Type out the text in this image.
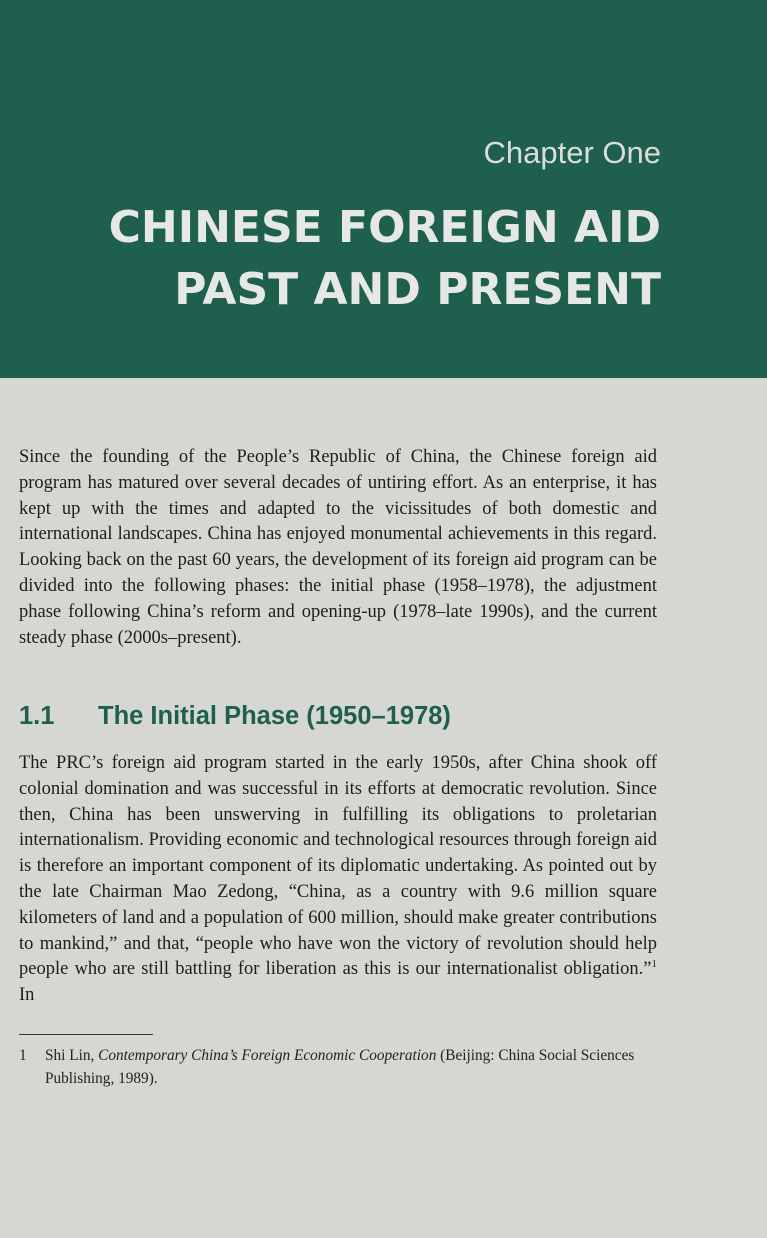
Chapter One
CHINESE FOREIGN AID
PAST AND PRESENT

Since the founding of the People’s Republic of China, the Chinese foreign aid program has matured over several decades of untiring effort. As an enterprise, it has kept up with the times and adapted to the vicissitudes of both domestic and international landscapes. China has enjoyed monumental achievements in this regard. Looking back on the past 60 years, the development of its foreign aid program can be divided into the following phases: the initial phase (1958–1978), the adjustment phase following China’s reform and opening-up (1978–late 1990s), and the current steady phase (2000s–present).

1.1 The Initial Phase (1950–1978)

The PRC’s foreign aid program started in the early 1950s, after China shook off colonial domination and was successful in its efforts at democratic revolution. Since then, China has been unswerving in fulfilling its obligations to proletarian internationalism. Providing economic and technological resources through foreign aid is therefore an important component of its diplomatic undertaking. As pointed out by the late Chairman Mao Zedong, “China, as a country with 9.6 million square kilometers of land and a population of 600 million, should make greater contributions to mankind,” and that, “people who have won the victory of revolution should help people who are still battling for liberation as this is our internationalist obligation.”$^1$ In

1 Shi Lin, Contemporary China’s Foreign Economic Cooperation (Beijing: China Social Sciences Publishing, 1989).
